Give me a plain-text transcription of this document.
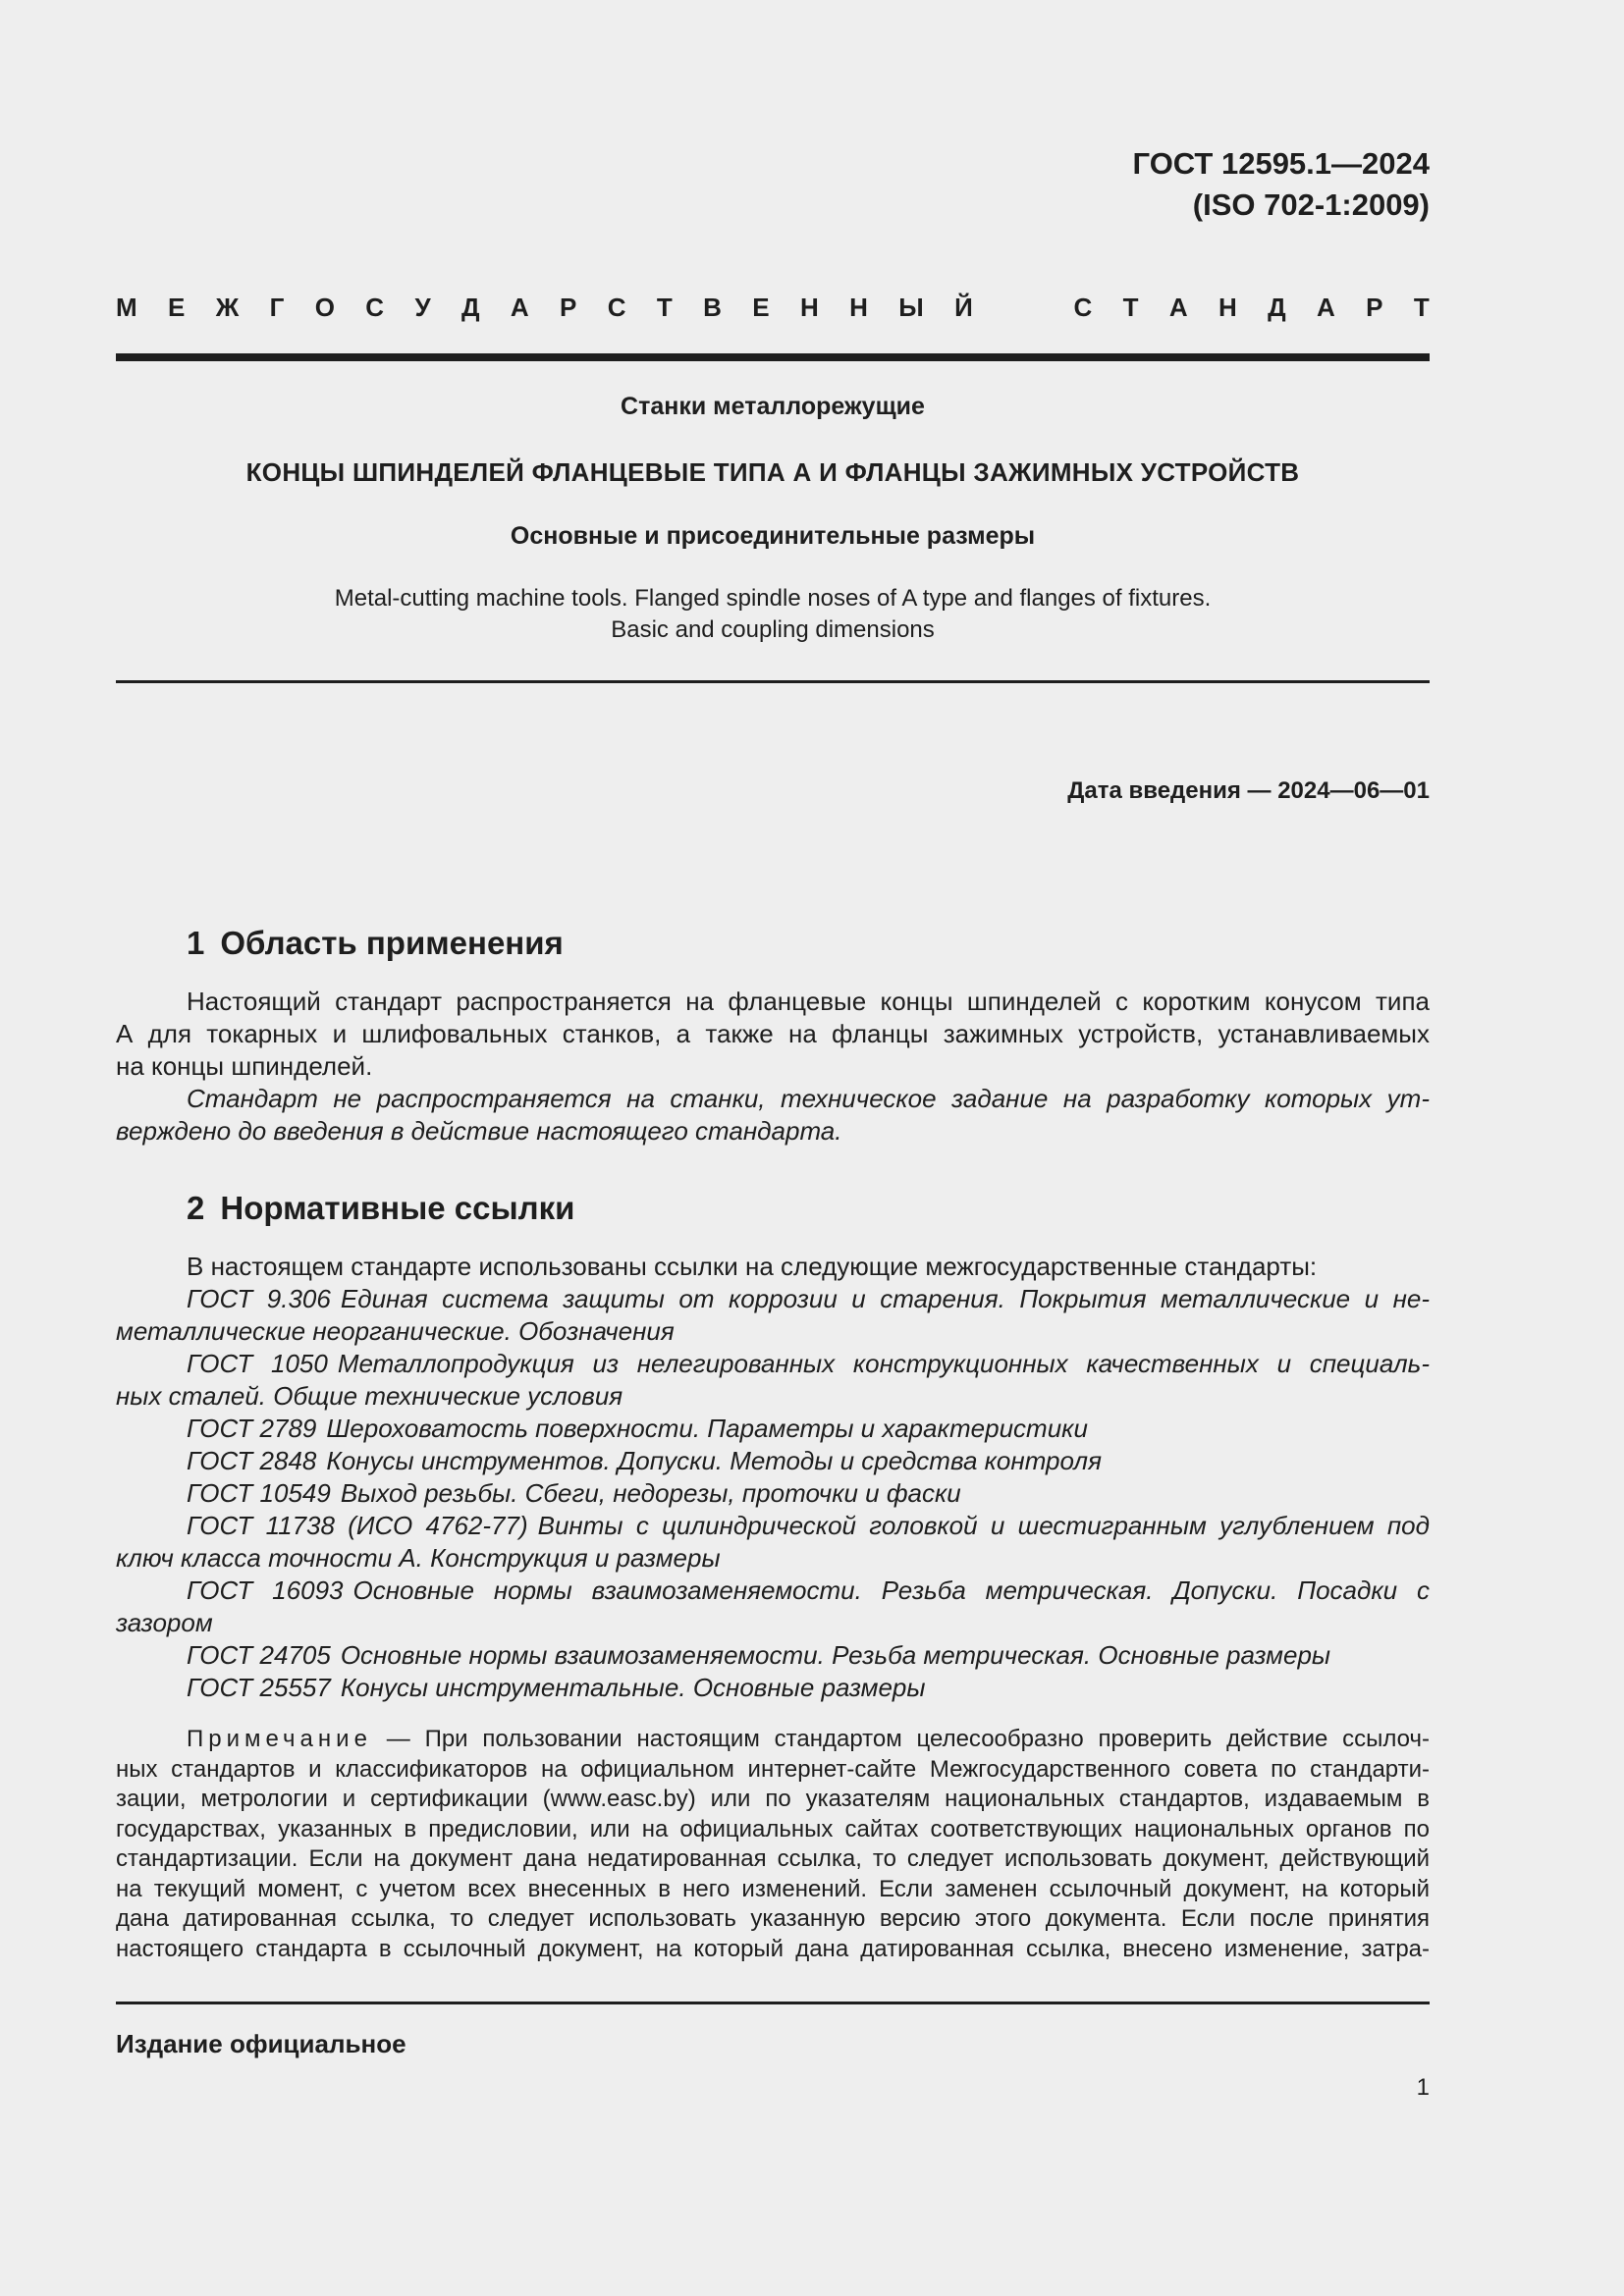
ГОСТ 12595.1—2024
(ISO 702-1:2009)
М Е Ж Г О С У Д А Р С Т В Е Н Н Ы Й	С Т А Н Д А Р Т
Станки металлорежущие
КОНЦЫ ШПИНДЕЛЕЙ ФЛАНЦЕВЫЕ ТИПА А И ФЛАНЦЫ ЗАЖИМНЫХ УСТРОЙСТВ
Основные и присоединительные размеры
Metal-cutting machine tools. Flanged spindle noses of A type and flanges of fixtures.
Basic and coupling dimensions
Дата введения — 2024—06—01
1 Область применения
Настоящий стандарт распространяется на фланцевые концы шпинделей с коротким конусом типа
А для токарных и шлифовальных станков, а также на фланцы зажимных устройств, устанавливаемых
на концы шпинделей.
Стандарт не распространяется на станки, техническое задание на разработку которых ут-
верждено до введения в действие настоящего стандарта.
2 Нормативные ссылки
В настоящем стандарте использованы ссылки на следующие межгосударственные стандарты:
ГОСТ 9.306 Единая система защиты от коррозии и старения. Покрытия металлические и не-
металлические неорганические. Обозначения
ГОСТ 1050 Металлопродукция из нелегированных конструкционных качественных и специаль-
ных сталей. Общие технические условия
ГОСТ 2789 Шероховатость поверхности. Параметры и характеристики
ГОСТ 2848 Конусы инструментов. Допуски. Методы и средства контроля
ГОСТ 10549 Выход резьбы. Сбеги, недорезы, проточки и фаски
ГОСТ 11738 (ИСО 4762-77) Винты с цилиндрической головкой и шестигранным углублением под
ключ класса точности А. Конструкция и размеры
ГОСТ 16093 Основные нормы взаимозаменяемости. Резьба метрическая. Допуски. Посадки с
зазором
ГОСТ 24705 Основные нормы взаимозаменяемости. Резьба метрическая. Основные размеры
ГОСТ 25557 Конусы инструментальные. Основные размеры
Примечание — При пользовании настоящим стандартом целесообразно проверить действие ссылоч-
ных стандартов и классификаторов на официальном интернет-сайте Межгосударственного совета по стандарти-
зации, метрологии и сертификации (www.easc.by) или по указателям национальных стандартов, издаваемым в
государствах, указанных в предисловии, или на официальных сайтах соответствующих национальных органов по
стандартизации. Если на документ дана недатированная ссылка, то следует использовать документ, действующий
на текущий момент, с учетом всех внесенных в него изменений. Если заменен ссылочный документ, на который
дана датированная ссылка, то следует использовать указанную версию этого документа. Если после принятия
настоящего стандарта в ссылочный документ, на который дана датированная ссылка, внесено изменение, затра-
Издание официальное
1
